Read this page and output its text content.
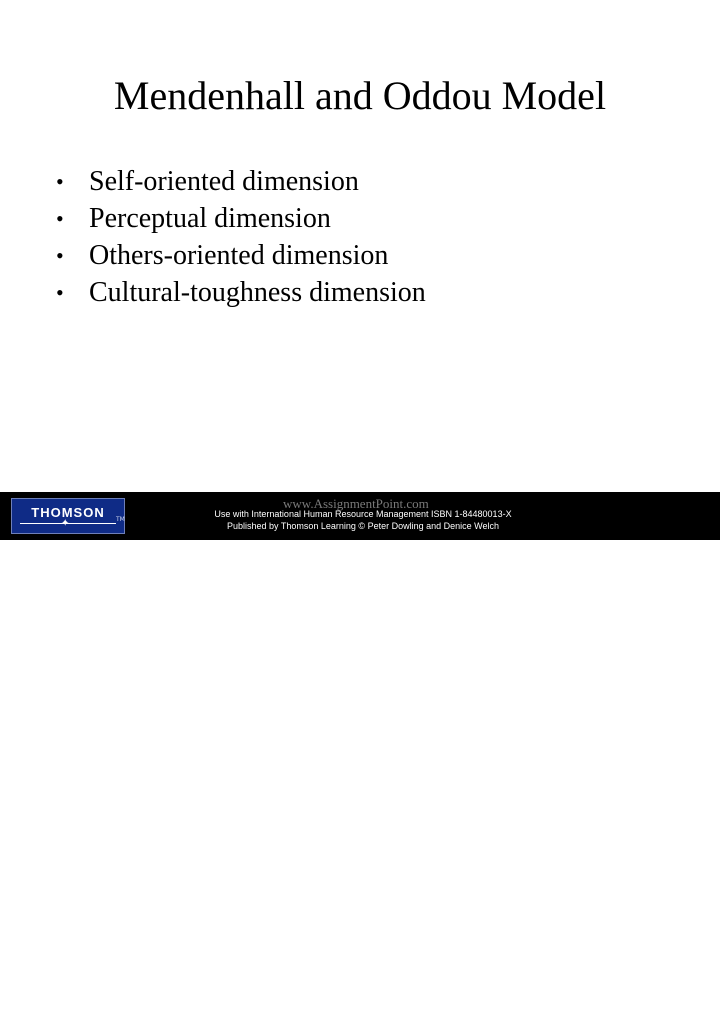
Mendenhall and Oddou Model
• Self-oriented dimension
• Perceptual dimension
• Others-oriented dimension
• Cultural-toughness dimension
THOMSON
✦	TM
4/21
www.AssignmentPoint.com
Use with International Human Resource Management ISBN 1-84480013-X
Published by Thomson Learning © Peter Dowling and Denice Welch
